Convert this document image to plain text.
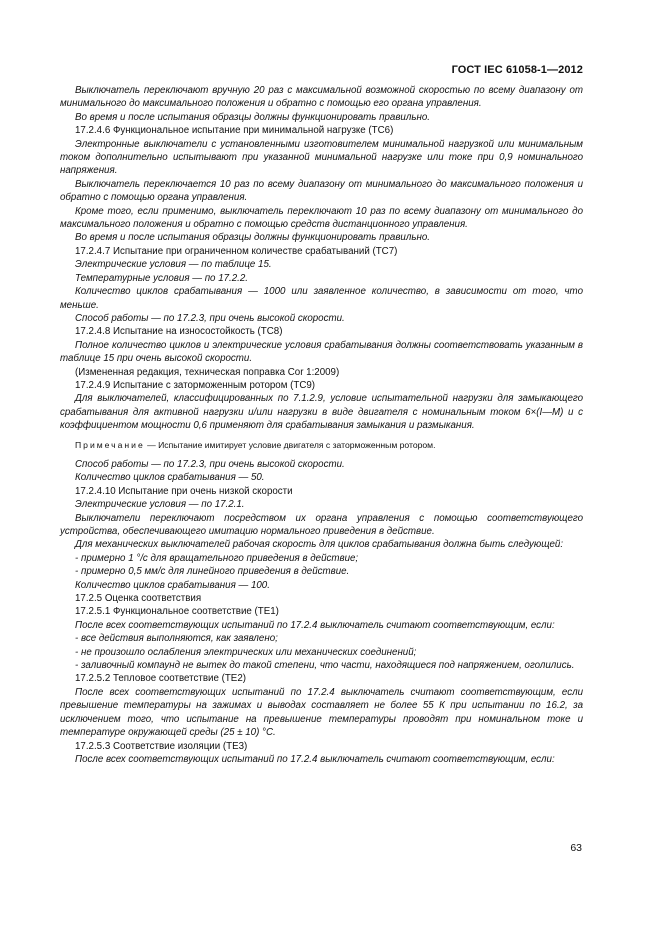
ГОСТ IEC 61058-1—2012

Выключатель переключают вручную 20 раз с максимальной возможной скоростью по всему диапазону от минимального до максимального положения и обратно с помощью его органа управления.

Во время и после испытания образцы должны функционировать правильно.

17.2.4.6 Функциональное испытание при минимальной нагрузке (TC6)

Электронные выключатели с установленными изготовителем минимальной нагрузкой или минимальным током дополнительно испытывают при указанной минимальной нагрузке или токе при 0,9 номинального напряжения.

Выключатель переключается 10 раз по всему диапазону от минимального до максимального положения и обратно с помощью органа управления.

Кроме того, если применимо, выключатель переключают 10 раз по всему диапазону от минимального до максимального положения и обратно с помощью средств дистанционного управления.

Во время и после испытания образцы должны функционировать правильно.

17.2.4.7 Испытание при ограниченном количестве срабатываний (TC7)

Электрические условия — по таблице 15.

Температурные условия — по 17.2.2.

Количество циклов срабатывания — 1000 или заявленное количество, в зависимости от того, что меньше.

Способ работы — по 17.2.3, при очень высокой скорости.

17.2.4.8 Испытание на износостойкость (TC8)

Полное количество циклов и электрические условия срабатывания должны соответствовать указанным в таблице 15 при очень высокой скорости.

(Измененная редакция, техническая поправка Cor 1:2009)

17.2.4.9 Испытание с заторможенным ротором (TC9)

Для выключателей, классифицированных по 7.1.2.9, условие испытательной нагрузки для замыкающего срабатывания для активной нагрузки и/или нагрузки в виде двигателя с номинальным током 6×(I—M) и с коэффициентом мощности 0,6 применяют для срабатывания замыкания и размыкания.

Примечание — Испытание имитирует условие двигателя с заторможенным ротором.

Способ работы — по 17.2.3, при очень высокой скорости.

Количество циклов срабатывания — 50.

17.2.4.10 Испытание при очень низкой скорости

Электрические условия — по 17.2.1.

Выключатели переключают посредством их органа управления с помощью соответствующего устройства, обеспечивающего имитацию нормального приведения в действие.

Для механических выключателей рабочая скорость для циклов срабатывания должна быть следующей:

- примерно 1 °/с для вращательного приведения в действие;

- примерно 0,5 мм/с для линейного приведения в действие.

Количество циклов срабатывания — 100.

17.2.5 Оценка соответствия

17.2.5.1 Функциональное соответствие (TE1)

После всех соответствующих испытаний по 17.2.4 выключатель считают соответствующим, если:

- все действия выполняются, как заявлено;

- не произошло ослабления электрических или механических соединений;

- заливочный компаунд не вытек до такой степени, что части, находящиеся под напряжением, оголились.

17.2.5.2 Тепловое соответствие (TE2)

После всех соответствующих испытаний по 17.2.4 выключатель считают соответствующим, если превышение температуры на зажимах и выводах составляет не более 55 К при испытании по 16.2, за исключением того, что испытание на превышение температуры проводят при номинальном токе и температуре окружающей среды (25 ± 10) °С.

17.2.5.3 Соответствие изоляции (TE3)

После всех соответствующих испытаний по 17.2.4 выключатель считают соответствующим, если:

63
